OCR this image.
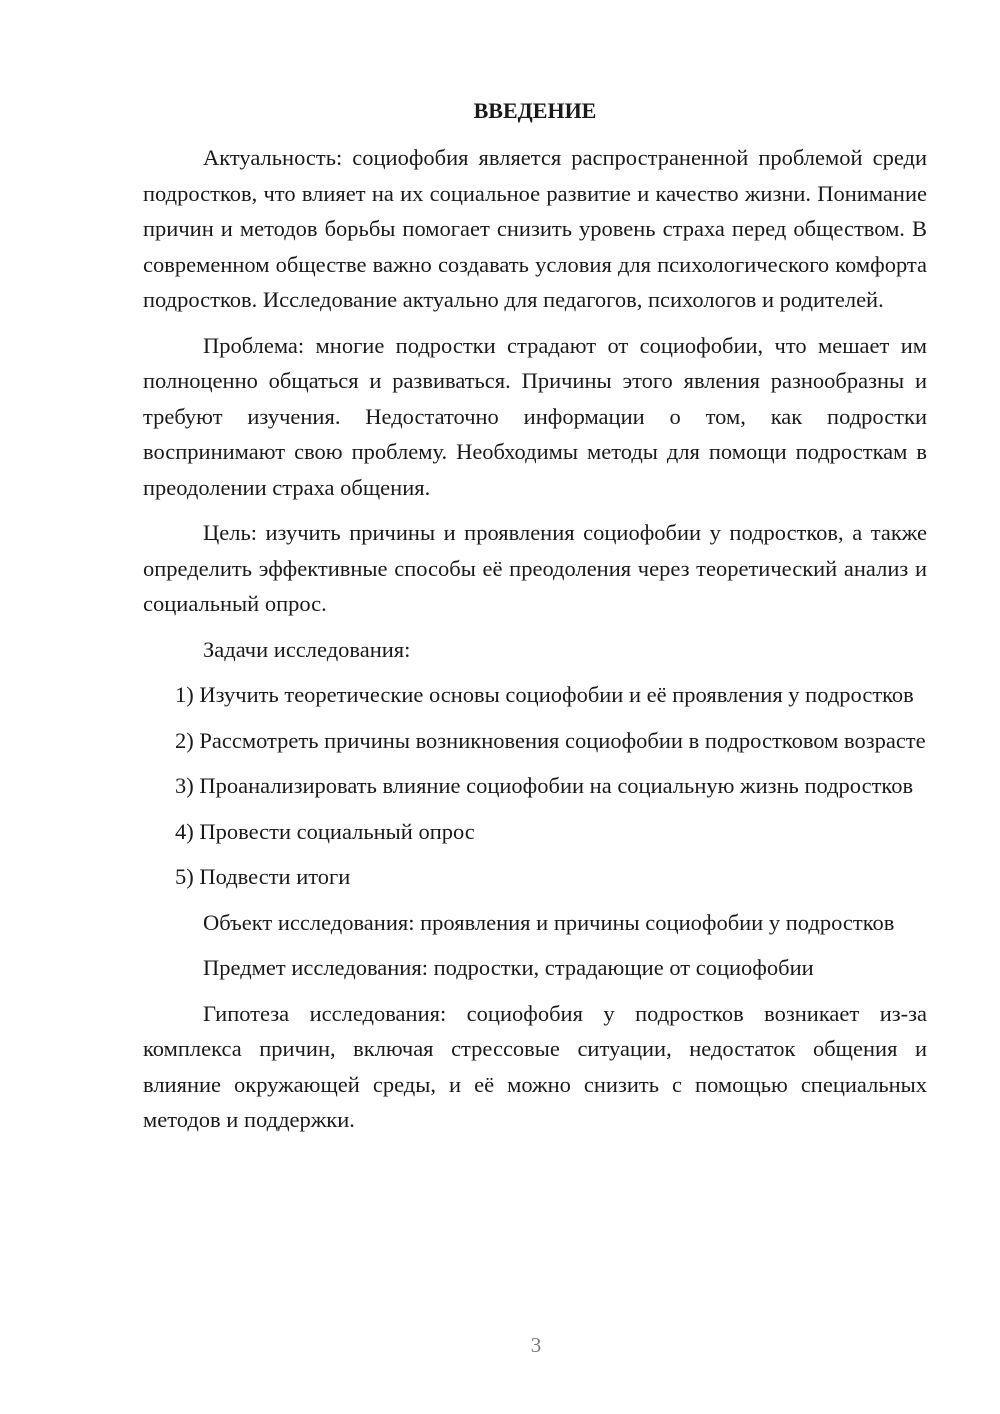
ВВЕДЕНИЕ

Актуальность: социофобия является распространенной проблемой среди подростков, что влияет на их социальное развитие и качество жизни. Понимание причин и методов борьбы помогает снизить уровень страха перед обществом. В современном обществе важно создавать условия для психологического комфорта подростков. Исследование актуально для педагогов, психологов и родителей.

Проблема: многие подростки страдают от социофобии, что мешает им полноценно общаться и развиваться. Причины этого явления разнообразны и требуют изучения. Недостаточно информации о том, как подростки воспринимают свою проблему. Необходимы методы для помощи подросткам в преодолении страха общения.

Цель: изучить причины и проявления социофобии у подростков, а также определить эффективные способы её преодоления через теоретический анализ и социальный опрос.

Задачи исследования:

1) Изучить теоретические основы социофобии и её проявления у подростков

2) Рассмотреть причины возникновения социофобии в подростковом возрасте

3) Проанализировать влияние социофобии на социальную жизнь подростков

4) Провести социальный опрос

5) Подвести итоги

Объект исследования: проявления и причины социофобии у подростков

Предмет исследования: подростки, страдающие от социофобии

Гипотеза исследования: социофобия у подростков возникает из-за комплекса причин, включая стрессовые ситуации, недостаток общения и влияние окружающей среды, и её можно снизить с помощью специальных методов и поддержки.

3
